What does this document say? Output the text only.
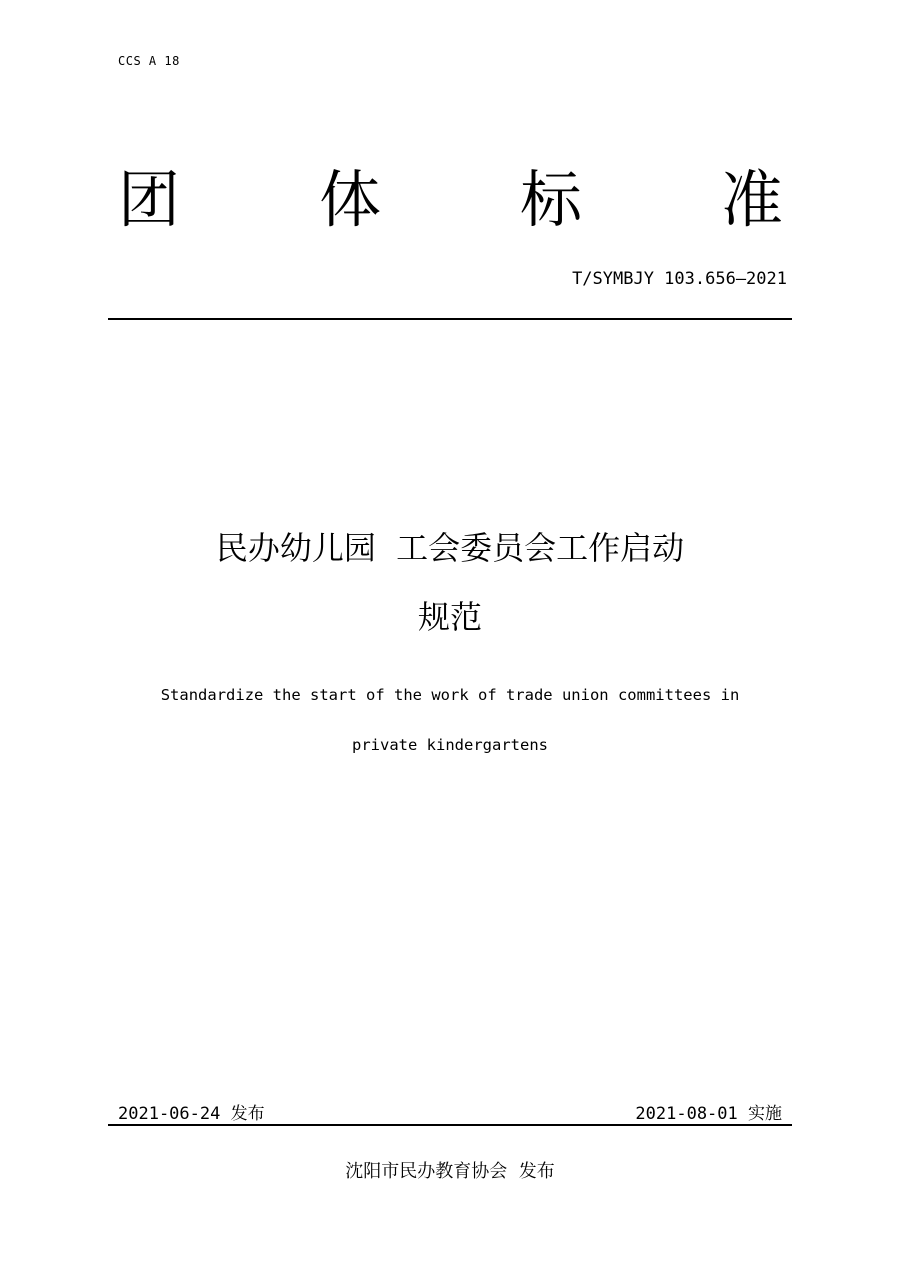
CCS A 18
团 体 标 准
T/SYMBJY 103.656—2021
民办幼儿园  工会委员会工作启动
规范
Standardize the start of the work of trade union committees in
private kindergartens
2021-06-24 发布	2021-08-01 实施
沈阳市民办教育协会  发布
